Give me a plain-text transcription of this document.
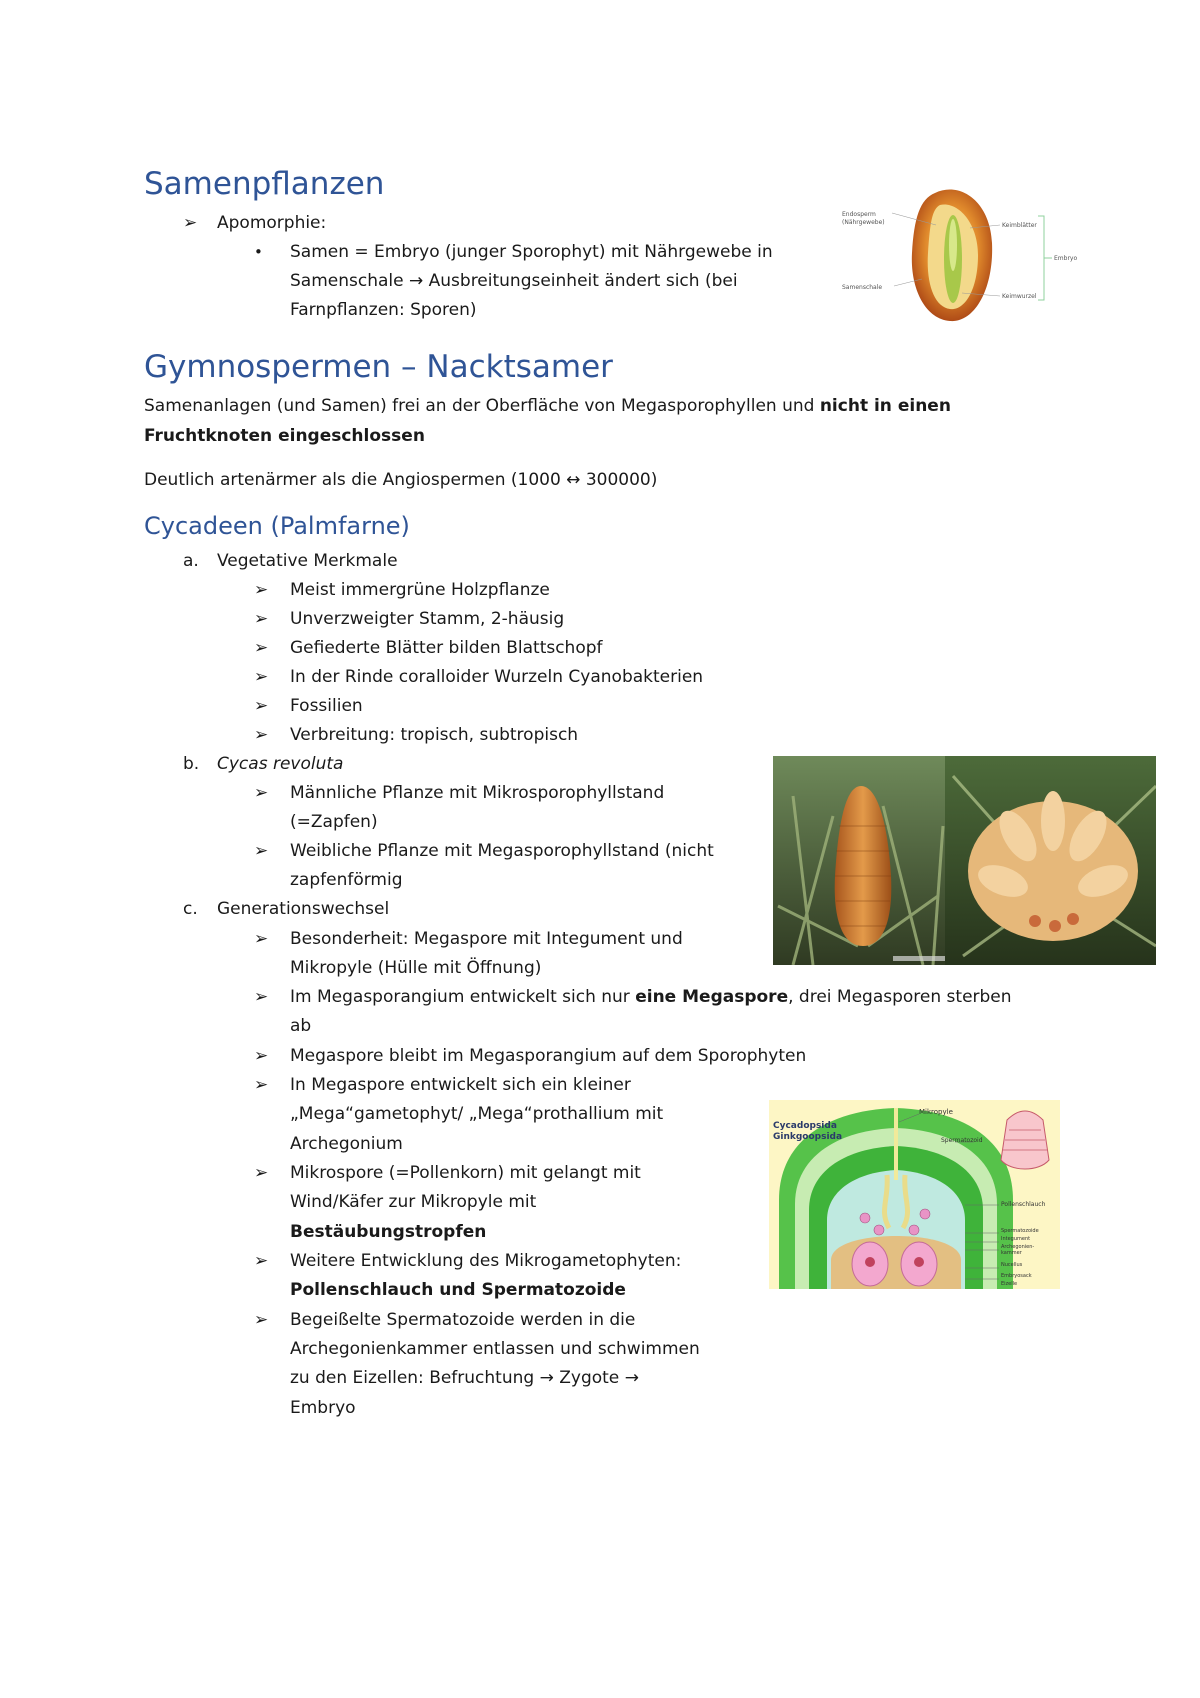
Samenpflanzen
➢ Apomorphie:
• Samen = Embryo (junger Sporophyt) mit Nährgewebe in
Samenschale → Ausbreitungseinheit ändert sich (bei
Farnpflanzen: Sporen)
Endosperm
(Nährgewebe)
Samenschale
Keimblätter
Keimwurzel
Embryo
Gymnospermen – Nacktsamer
Samenanlagen (und Samen) frei an der Oberfläche von Megasporophyllen und nicht in einen
Fruchtknoten eingeschlossen
Deutlich artenärmer als die Angiospermen (1000 ↔ 300000)
Cycadeen (Palmfarne)
a. Vegetative Merkmale
➢ Meist immergrüne Holzpflanze
➢ Unverzweigter Stamm, 2-häusig
➢ Gefiederte Blätter bilden Blattschopf
➢ In der Rinde coralloider Wurzeln Cyanobakterien
➢ Fossilien
➢ Verbreitung: tropisch, subtropisch
b. Cycas revoluta
➢ Männliche Pflanze mit Mikrosporophyllstand
(=Zapfen)
➢ Weibliche Pflanze mit Megasporophyllstand (nicht
zapfenförmig
c. Generationswechsel
➢ Besonderheit: Megaspore mit Integument und
Mikropyle (Hülle mit Öffnung)
➢ Im Megasporangium entwickelt sich nur eine Megaspore, drei Megasporen sterben
ab
➢ Megaspore bleibt im Megasporangium auf dem Sporophyten
➢ In Megaspore entwickelt sich ein kleiner
„Mega“gametophyt/ „Mega“prothallium mit
Archegonium
➢ Mikrospore (=Pollenkorn) mit gelangt mit
Wind/Käfer zur Mikropyle mit
Bestäubungstropfen
➢ Weitere Entwicklung des Mikrogametophyten:
Pollenschlauch und Spermatozoide
➢ Begeißelte Spermatozoide werden in die
Archegonienkammer entlassen und schwimmen
zu den Eizellen: Befruchtung → Zygote →
Embryo
Cycadopsida
Ginkgoopsida
Mikropyle
Spermatozoid
Pollenschlauch
Spermatozoide
Integument
Archegonien-kammer
Nucellus
Embryosack
Eizelle
